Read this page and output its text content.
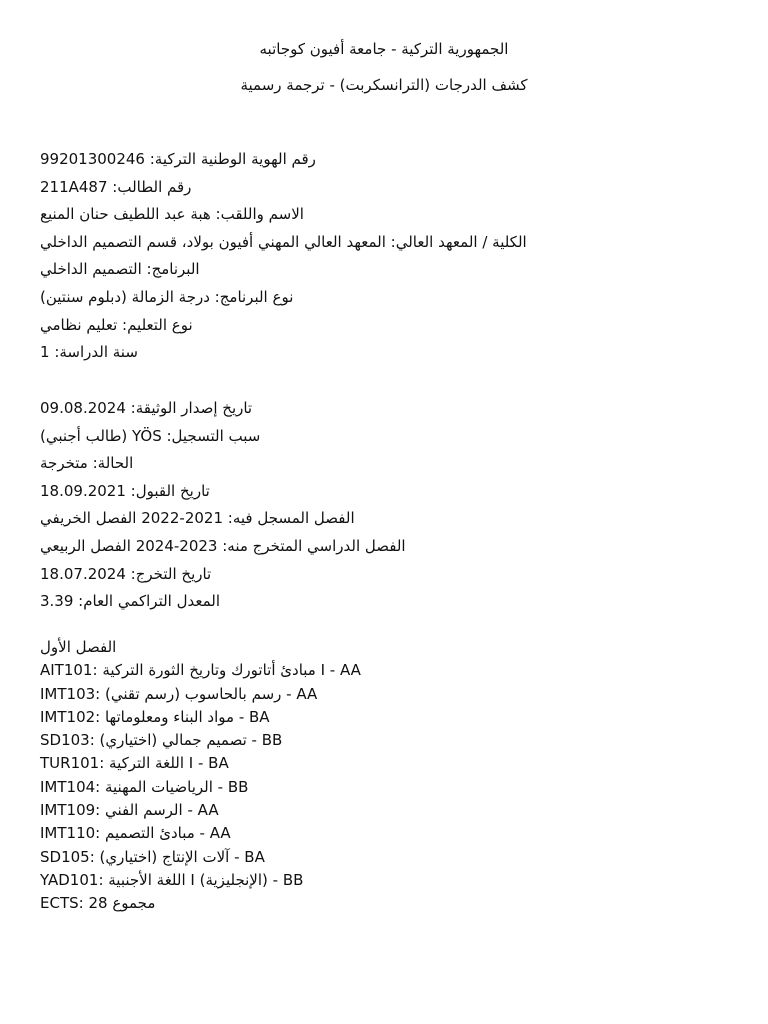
الجمهورية التركية - جامعة أفيون كوجاتبه
كشف الدرجات (الترانسكربت) - ترجمة رسمية
رقم الهوية الوطنية التركية: 99201300246
رقم الطالب: 211A487
الاسم واللقب: هبة عبد اللطيف حنان المنيع
الكلية / المعهد العالي: المعهد العالي المهني أفيون بولاد، قسم التصميم الداخلي
البرنامج: التصميم الداخلي
نوع البرنامج: درجة الزمالة (دبلوم سنتين)
نوع التعليم: تعليم نظامي
سنة الدراسة: 1
تاريخ إصدار الوثيقة: 09.08.2024
سبب التسجيل: YÖS (طالب أجنبي)
الحالة: متخرجة
تاريخ القبول: 18.09.2021
الفصل المسجل فيه: 2021-2022 الفصل الخريفي
الفصل الدراسي المتخرج منه: 2023-2024 الفصل الربيعي
تاريخ التخرج: 18.07.2024
المعدل التراكمي العام: 3.39
الفصل الأول
AIT101: مبادئ أتاتورك وتاريخ الثورة التركية I - AA
IMT103: رسم بالحاسوب (رسم تقني) - AA
IMT102: مواد البناء ومعلوماتها - BA
SD103: تصميم جمالي (اختياري) - BB
TUR101: اللغة التركية I - BA
IMT104: الرياضيات المهنية - BB
IMT109: الرسم الفني - AA
IMT110: مبادئ التصميم - AA
SD105: آلات الإنتاج (اختياري) - BA
YAD101: اللغة الأجنبية I (الإنجليزية) - BB
مجموع ECTS: 28
